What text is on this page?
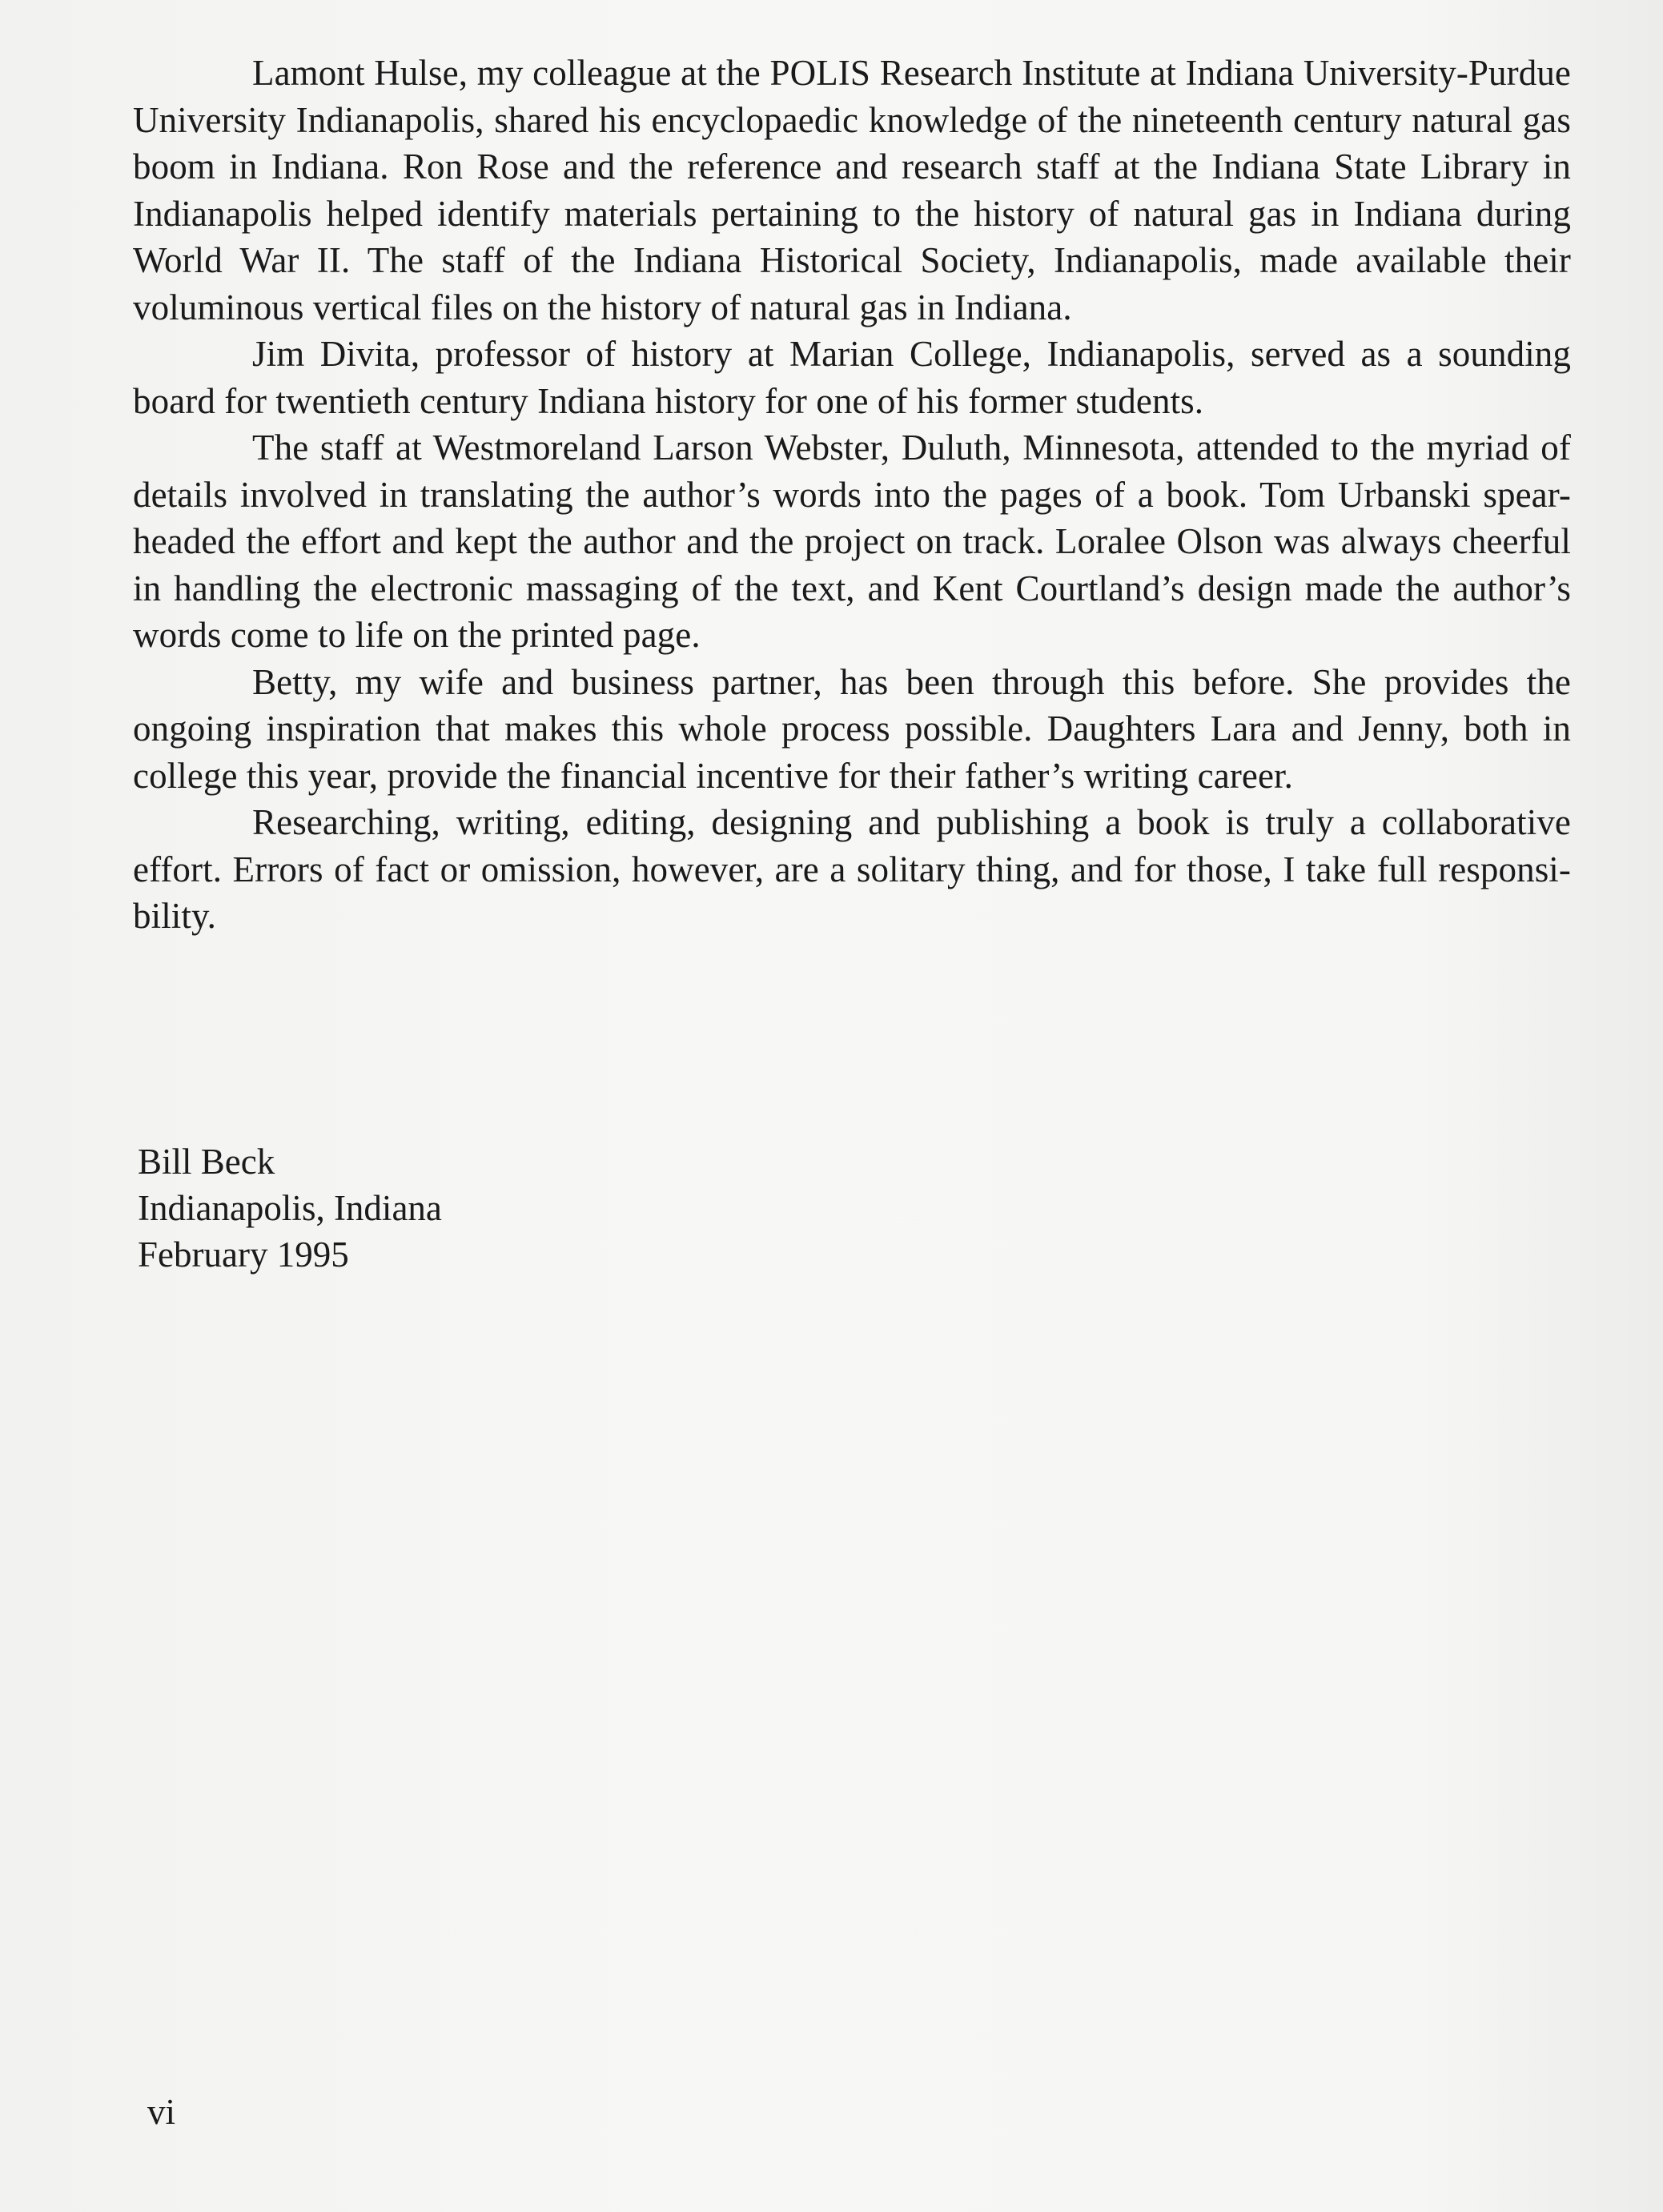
Lamont Hulse, my colleague at the POLIS Research Institute at Indiana University-Purdue University Indianapolis, shared his encyclopaedic knowledge of the nineteenth century natural gas boom in Indiana. Ron Rose and the reference and research staff at the Indiana State Library in Indianapolis helped identify materials pertaining to the history of natural gas in Indiana during World War II. The staff of the Indiana Historical Society, Indianapolis, made available their voluminous vertical files on the history of natural gas in Indiana.

Jim Divita, professor of history at Marian College, Indianapolis, served as a sounding board for twentieth century Indiana history for one of his former students.

The staff at Westmoreland Larson Webster, Duluth, Minnesota, attended to the myriad of details involved in translating the author’s words into the pages of a book. Tom Urbanski spear-headed the effort and kept the author and the project on track. Loralee Olson was always cheerful in handling the electronic massaging of the text, and Kent Courtland’s design made the author’s words come to life on the printed page.

Betty, my wife and business partner, has been through this before. She provides the ongoing inspiration that makes this whole process possible. Daughters Lara and Jenny, both in college this year, provide the financial incentive for their father’s writing career.

Researching, writing, editing, designing and publishing a book is truly a collaborative effort. Errors of fact or omission, however, are a solitary thing, and for those, I take full responsi-bility.

Bill Beck
Indianapolis, Indiana
February 1995
vi
